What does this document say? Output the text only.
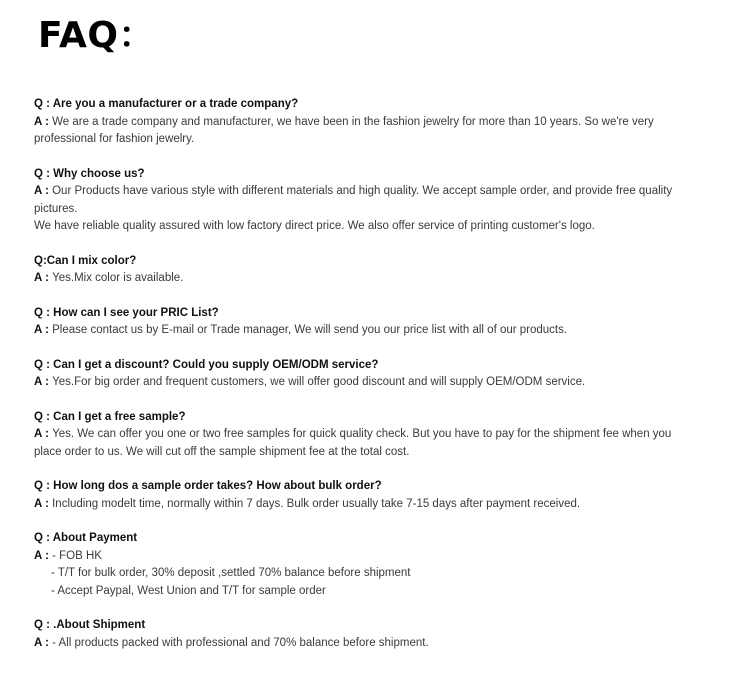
FAQ：
Q : Are you a manufacturer or a trade company?
A : We are a trade company and manufacturer, we have been in the fashion jewelry for more than 10 years. So we're very professional for fashion jewelry.
Q : Why choose us?
A : Our Products have various style with different materials and high quality. We accept sample order, and provide free quality pictures.
We have reliable quality assured with low factory direct price. We also offer service of printing customer's logo.
Q:Can I mix color?
A : Yes.Mix color is available.
Q : How can I see your PRIC List?
A : Please contact us by E-mail or Trade manager, We will send you our price list with all of our products.
Q : Can I get a discount? Could you supply OEM/ODM service?
A : Yes.For big order and frequent customers, we will offer good discount and will supply OEM/ODM service.
Q : Can I get a free sample?
A : Yes. We can offer you one or two free samples for quick quality check. But you have to pay for the shipment fee when you place order to us. We will cut off the sample shipment fee at the total cost.
Q : How long dos a sample order takes? How about bulk order?
A : Including modelt time, normally within 7 days. Bulk order usually take 7-15 days after payment received.
Q : About Payment
A : - FOB HK
- T/T for bulk order, 30% deposit ,settled 70% balance before shipment
- Accept Paypal, West Union and T/T for sample order
Q : .About Shipment
A : - All products packed with professional and 70% balance before shipment.
